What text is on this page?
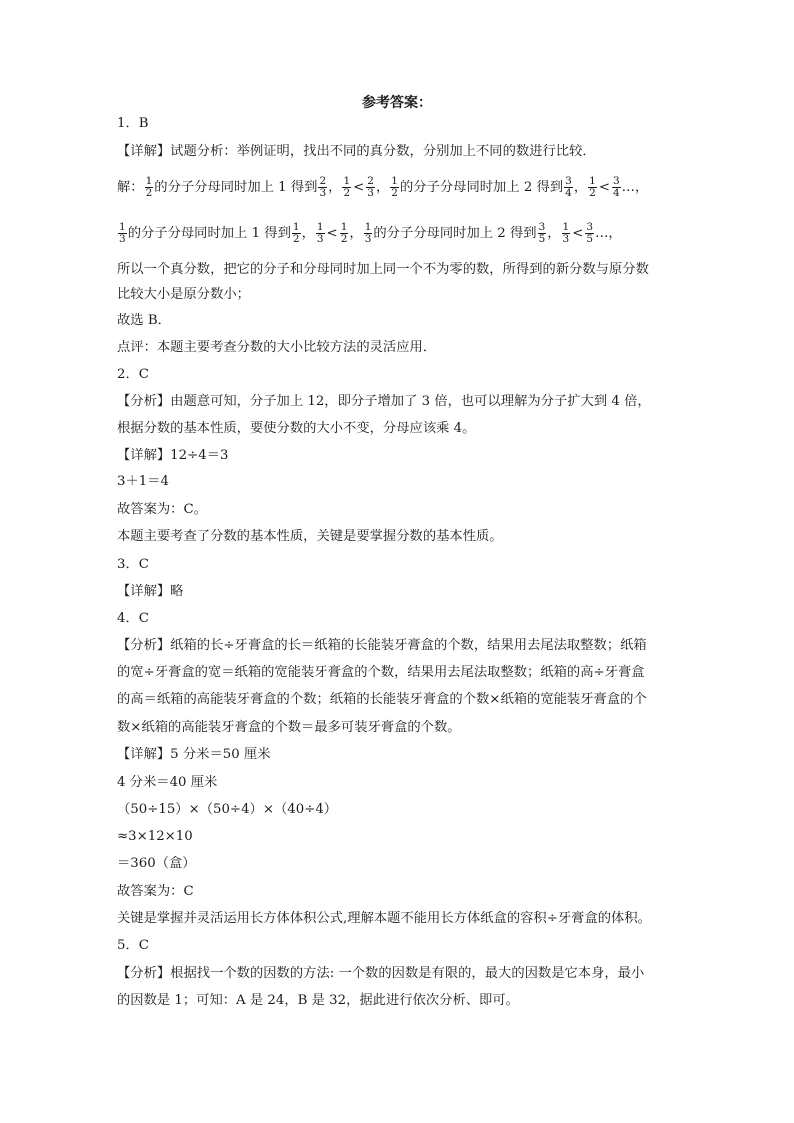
参考答案：
1．B
【详解】试题分析：举例证明，找出不同的真分数，分别加上不同的数进行比较．
解： $\frac{1}{2}$ 的分子分母同时加上 1 得到 $\frac{2}{3}$ ， $\frac{1}{2} < \frac{2}{3}$ ， $\frac{1}{2}$ 的分子分母同时加上 2 得到 $\frac{3}{4}$ ， $\frac{1}{2} < \frac{3}{4}$ …，
$\frac{1}{3}$ 的分子分母同时加上 1 得到 $\frac{1}{2}$ ， $\frac{1}{3} < \frac{1}{2}$ ， $\frac{1}{3}$ 的分子分母同时加上 2 得到 $\frac{3}{5}$ ， $\frac{1}{3} < \frac{3}{5}$ …，
所以一个真分数，把它的分子和分母同时加上同一个不为零的数，所得到的新分数与原分数
比较大小是原分数小；
故选 B．
点评：本题主要考查分数的大小比较方法的灵活应用．
2．C
【分析】由题意可知，分子加上 12，即分子增加了 3 倍，也可以理解为分子扩大到 4 倍，
根据分数的基本性质，要使分数的大小不变，分母应该乘 4。
【详解】12÷4＝3
3＋1＝4
故答案为：C。
本题主要考查了分数的基本性质，关键是要掌握分数的基本性质。
3．C
【详解】略
4．C
【分析】纸箱的长÷牙膏盒的长＝纸箱的长能装牙膏盒的个数，结果用去尾法取整数；纸箱
的宽÷牙膏盒的宽＝纸箱的宽能装牙膏盒的个数，结果用去尾法取整数；纸箱的高÷牙膏盒
的高＝纸箱的高能装牙膏盒的个数；纸箱的长能装牙膏盒的个数×纸箱的宽能装牙膏盒的个
数×纸箱的高能装牙膏盒的个数＝最多可装牙膏盒的个数。
【详解】5 分米＝50 厘米
4 分米＝40 厘米
（50÷15）×（50÷4）×（40÷4）
≈3×12×10
＝360（盒）
故答案为：C
关键是掌握并灵活运用长方体体积公式,理解本题不能用长方体纸盒的容积÷牙膏盒的体积。
5．C
【分析】根据找一个数的因数的方法: 一个数的因数是有限的，最大的因数是它本身，最小
的因数是 1；可知：A 是 24，B 是 32，据此进行依次分析、即可。
